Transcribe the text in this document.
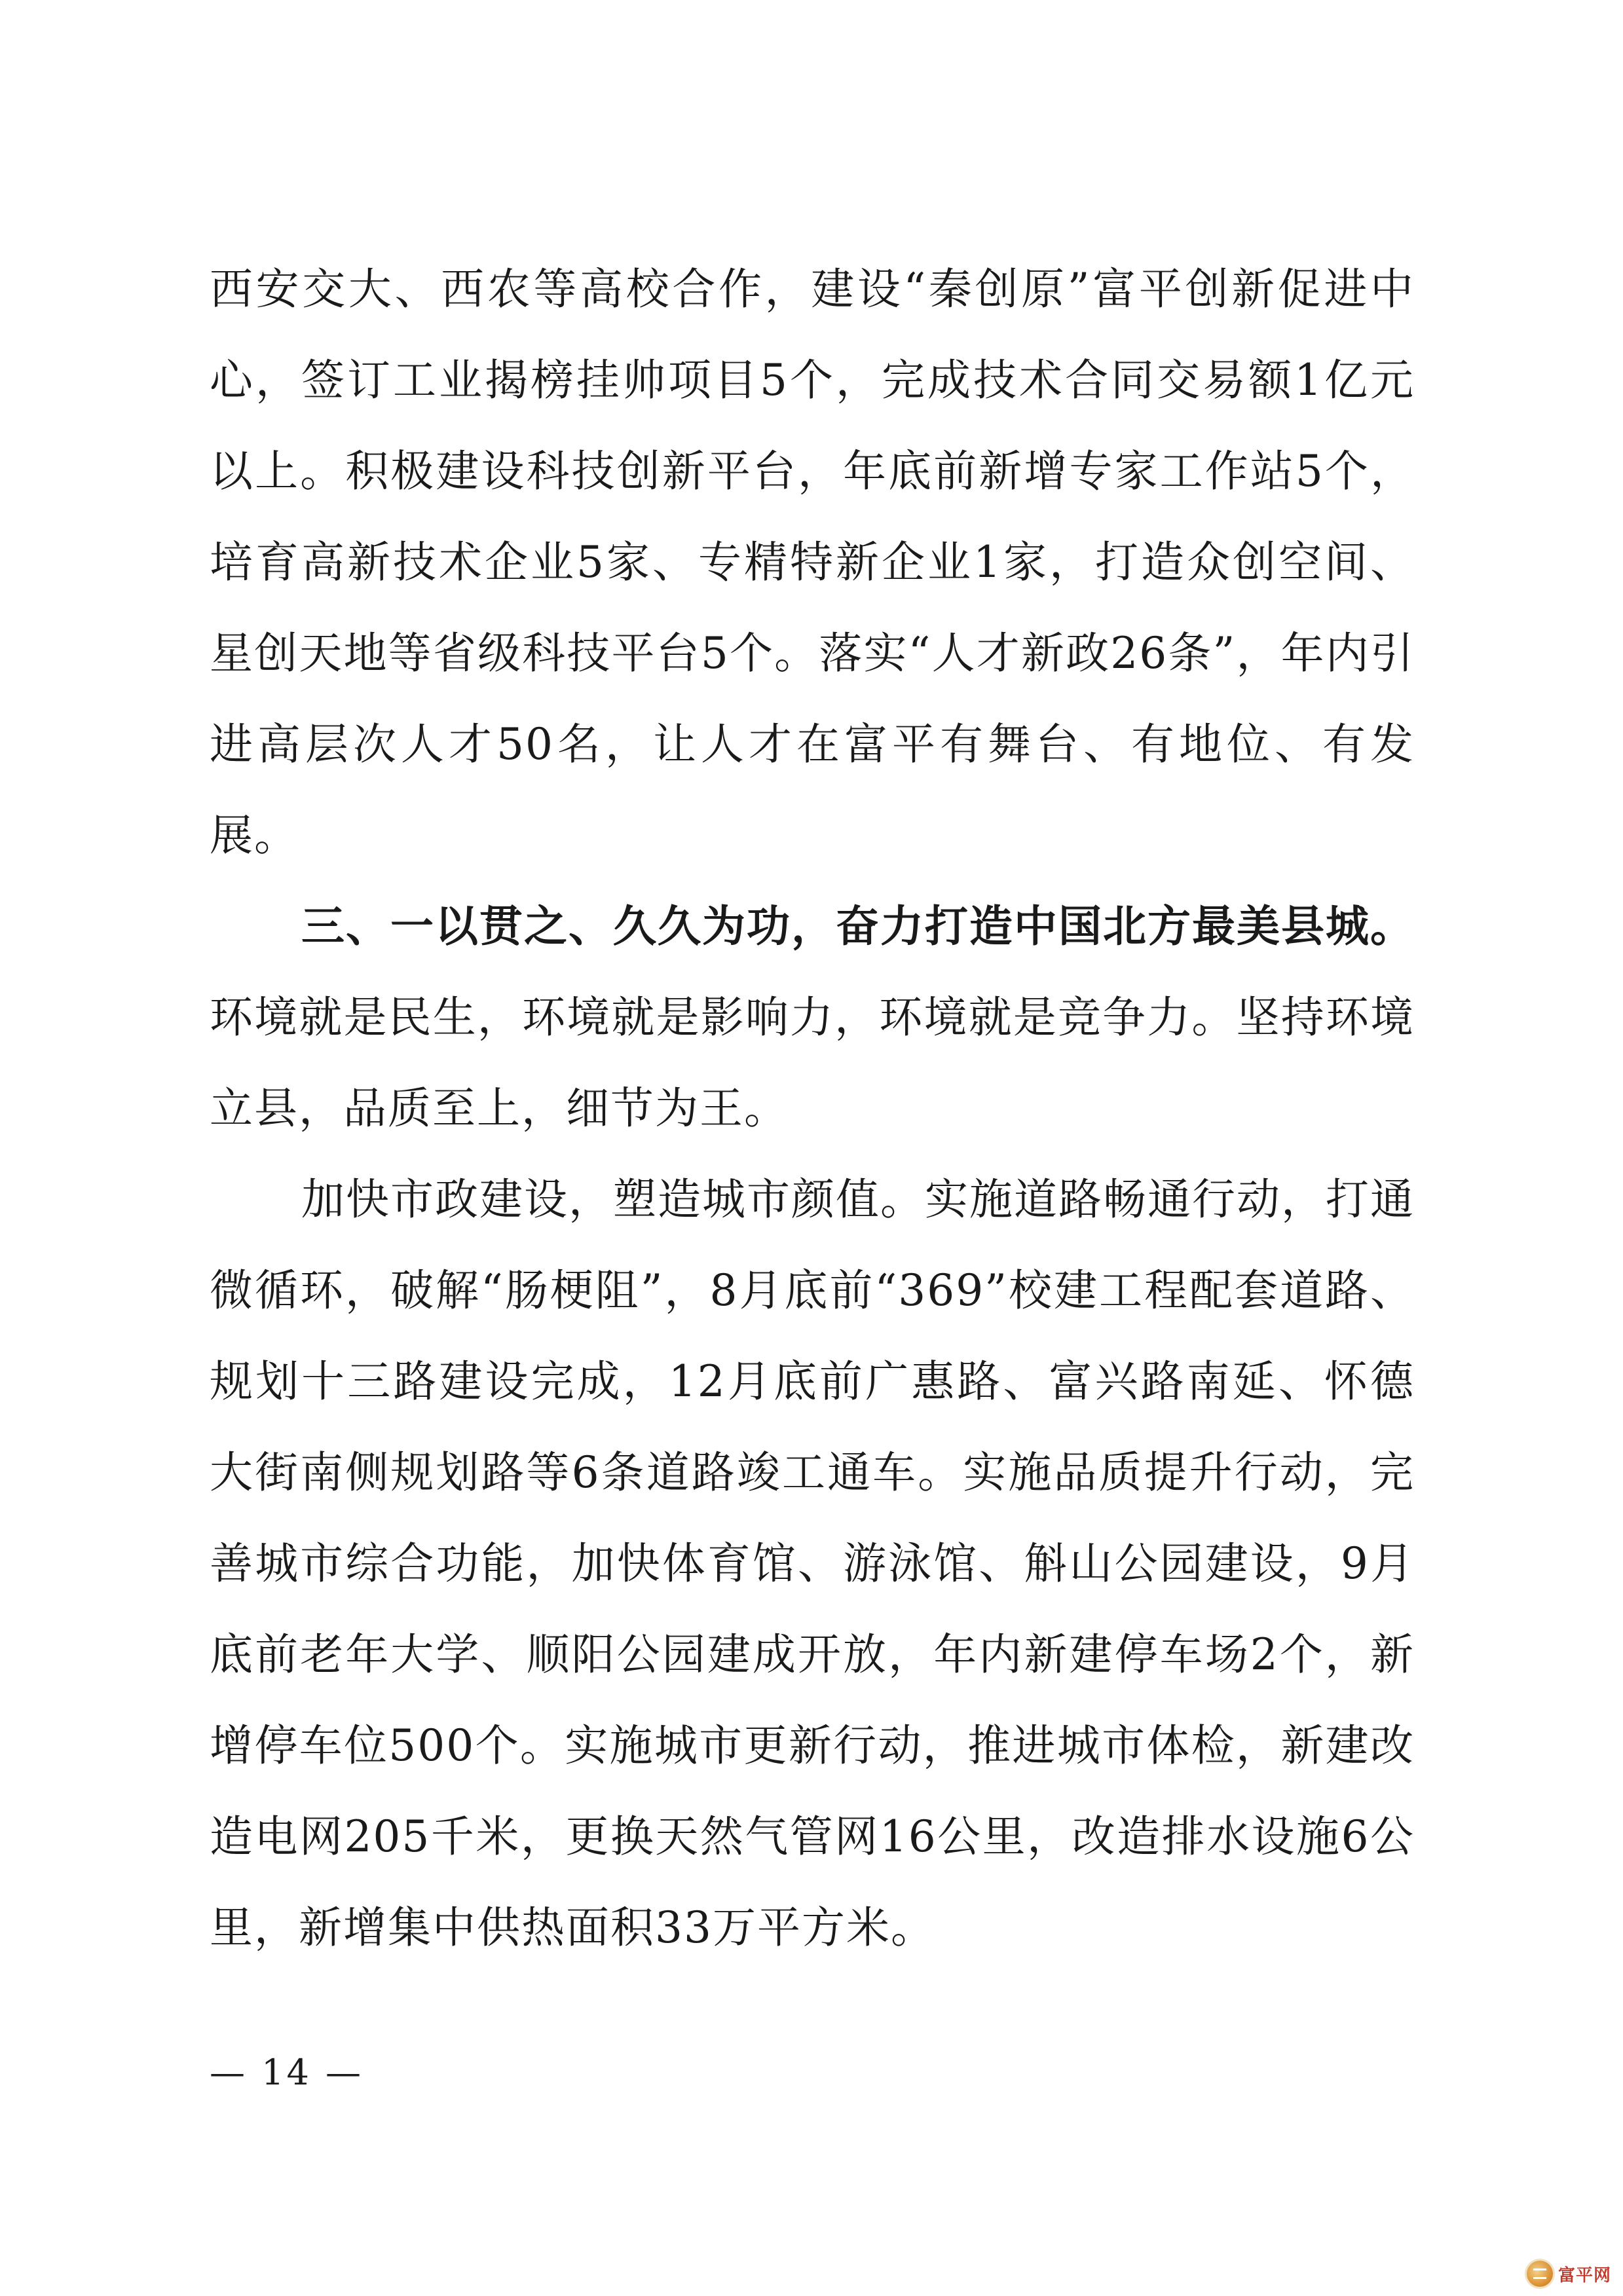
西安交大、西农等高校合作，建设“秦创原”富平创新促进中心，签订工业揭榜挂帅项目5个，完成技术合同交易额1亿元以上。积极建设科技创新平台，年底前新增专家工作站5个，培育高新技术企业5家、专精特新企业1家，打造众创空间、星创天地等省级科技平台5个。落实“人才新政26条”，年内引进高层次人才50名，让人才在富平有舞台、有地位、有发展。

三、一以贯之、久久为功，奋力打造中国北方最美县城。环境就是民生，环境就是影响力，环境就是竞争力。坚持环境立县，品质至上，细节为王。

加快市政建设，塑造城市颜值。实施道路畅通行动，打通微循环，破解“肠梗阻”，8月底前“369”校建工程配套道路、规划十三路建设完成，12月底前广惠路、富兴路南延、怀德大街南侧规划路等6条道路竣工通车。实施品质提升行动，完善城市综合功能，加快体育馆、游泳馆、斛山公园建设，9月底前老年大学、顺阳公园建成开放，年内新建停车场2个，新增停车位500个。实施城市更新行动，推进城市体检，新建改造电网205千米，更换天然气管网16公里，改造排水设施6公里，新增集中供热面积33万平方米。

— 14 —
富平网
